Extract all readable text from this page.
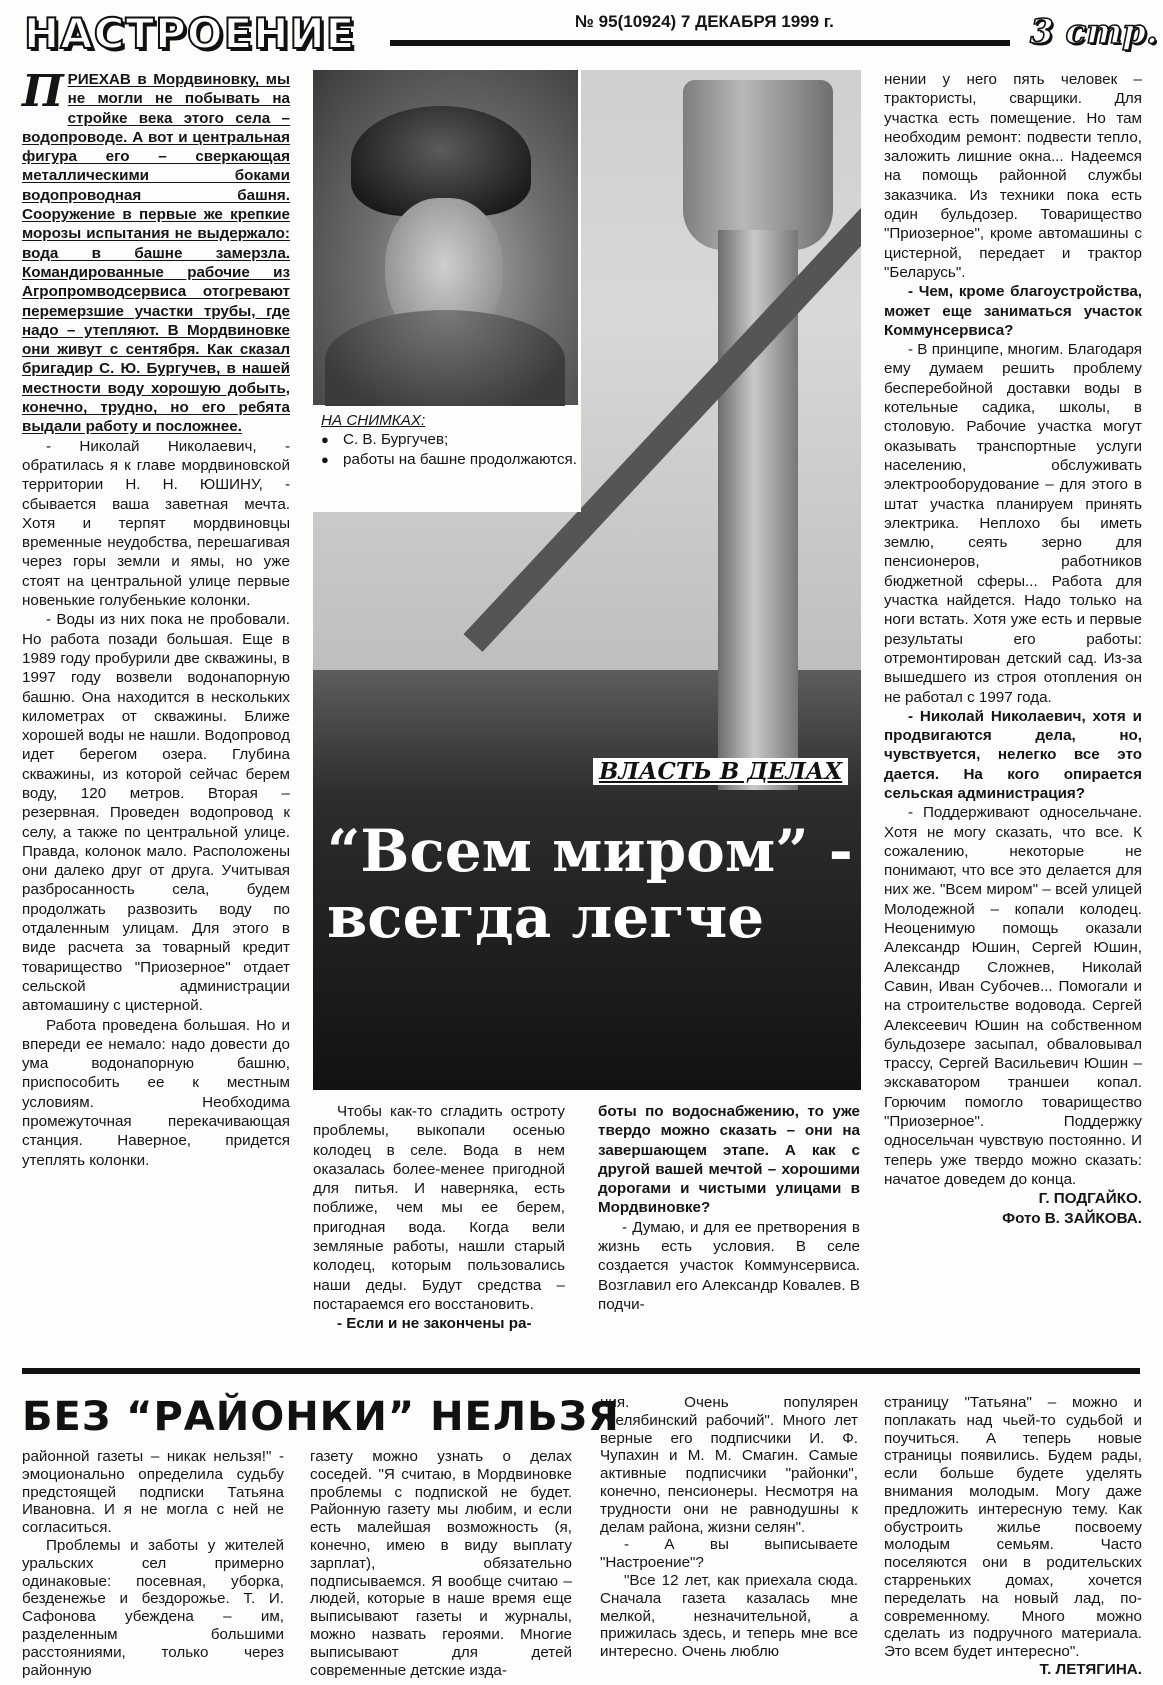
НАСТРОЕНИЕ	№ 95(10924) 7 ДЕКАБРЯ 1999 г.	3 стр.

ПРИЕХАВ в Мордвиновку, мы не могли не побывать на стройке века этого села – водопроводе. А вот и центральная фигура его – сверкающая металлическими боками водопроводная башня. Сооружение в первые же крепкие морозы испытания не выдержало: вода в башне замерзла. Командированные рабочие из Агропромводсервиса отогревают перемерзшие участки трубы, где надо – утепляют. В Мордвиновке они живут с сентября. Как сказал бригадир С. Ю. Бургучев, в нашей местности воду хорошую добыть, конечно, трудно, но его ребята выдали работу и посложнее.

- Николай Николаевич, - обратилась я к главе мордвиновской территории Н. Н. ЮШИНУ, - сбывается ваша заветная мечта. Хотя и терпят мордвиновцы временные неудобства, перешагивая через горы земли и ямы, но уже стоят на центральной улице первые новенькие голубенькие колонки.

- Воды из них пока не пробовали. Но работа позади большая. Еще в 1989 году пробурили две скважины, в 1997 году возвели водонапорную башню. Она находится в нескольких километрах от скважины. Ближе хорошей воды не нашли. Водопровод идет берегом озера. Глубина скважины, из которой сейчас берем воду, 120 метров. Вторая – резервная. Проведен водопровод к селу, а также по центральной улице. Правда, колонок мало. Расположены они далеко друг от друга. Учитывая разбросанность села, будем продолжать развозить воду по отдаленным улицам. Для этого в виде расчета за товарный кредит товарищество "Приозерное" отдает сельской администрации автомашину с цистерной.

Работа проведена большая. Но и впереди ее немало: надо довести до ума водонапорную башню, приспособить ее к местным условиям. Необходима промежуточная перекачивающая станция. Наверное, придется утеплять колонки.

НА СНИМКАХ:
● С. В. Бургучев;
● работы на башне продолжаются.
ВЛАСТЬ В ДЕЛАХ
“Всем миром” -
всегда легче

Чтобы как-то сгладить остроту проблемы, выкопали осенью колодец в селе. Вода в нем оказалась более-менее пригодной для питья. И наверняка, есть поближе, чем мы ее берем, пригодная вода. Когда вели земляные работы, нашли старый колодец, которым пользовались наши деды. Будут средства – постараемся его восстановить.

- Если и не закончены ра-

боты по водоснабжению, то уже твердо можно сказать – они на завершающем этапе. А как с другой вашей мечтой – хорошими дорогами и чистыми улицами в Мордвиновке?

- Думаю, и для ее претворения в жизнь есть условия. В селе создается участок Коммунсервиса. Возглавил его Александр Ковалев. В подчи-

нении у него пять человек – трактористы, сварщики. Для участка есть помещение. Но там необходим ремонт: подвести тепло, заложить лишние окна... Надеемся на помощь районной службы заказчика. Из техники пока есть один бульдозер. Товарищество "Приозерное", кроме автомашины с цистерной, передает и трактор "Беларусь".

- Чем, кроме благоустройства, может еще заниматься участок Коммунсервиса?

- В принципе, многим. Благодаря ему думаем решить проблему бесперебойной доставки воды в котельные садика, школы, в столовую. Рабочие участка могут оказывать транспортные услуги населению, обслуживать электрооборудование – для этого в штат участка планируем принять электрика. Неплохо бы иметь землю, сеять зерно для пенсионеров, работников бюджетной сферы... Работа для участка найдется. Надо только на ноги встать. Хотя уже есть и первые результаты его работы: отремонтирован детский сад. Из-за вышедшего из строя отопления он не работал с 1997 года.

- Николай Николаевич, хотя и продвигаются дела, но, чувствуется, нелегко все это дается. На кого опирается сельская администрация?

- Поддерживают односельчане. Хотя не могу сказать, что все. К сожалению, некоторые не понимают, что все это делается для них же. "Всем миром" – всей улицей Молодежной – копали колодец. Неоценимую помощь оказали Александр Юшин, Сергей Юшин, Александр Сложнев, Николай Савин, Иван Субочев... Помогали и на строительстве водовода. Сергей Алексеевич Юшин на собственном бульдозере засыпал, обваловывал трассу, Сергей Васильевич Юшин – экскаватором траншеи копал. Горючим помогло товарищество "Приозерное". Поддержку односельчан чувствую постоянно. И теперь уже твердо можно сказать: начатое доведем до конца.

Г. ПОДГАЙКО.

Фото В. ЗАЙКОВА.

БЕЗ “РАЙОНКИ” НЕЛЬЗЯ

районной газеты – никак нельзя!" - эмоционально определила судьбу предстоящей подписки Татьяна Ивановна. И я не могла с ней не согласиться.

Проблемы и заботы у жителей уральских сел примерно одинаковые: посевная, уборка, безденежье и бездорожье. Т. И. Сафонова убеждена – им, разделенным большими расстояниями, только через районную

газету можно узнать о делах соседей. "Я считаю, в Мордвиновке проблемы с подпиской не будет. Районную газету мы любим, и если есть малейшая возможность (я, конечно, имею в виду выплату зарплат), обязательно подписываемся. Я вообще считаю – людей, которые в наше время еще выписывают газеты и журналы, можно назвать героями. Многие выписывают для детей современные детские изда-

ния. Очень популярен "Челябинский рабочий". Много лет верные его подписчики И. Ф. Чупахин и М. М. Смагин. Самые активные подписчики "районки", конечно, пенсионеры. Несмотря на трудности они не равнодушны к делам района, жизни селян".

- А вы выписываете "Настроение"?

"Все 12 лет, как приехала сюда. Сначала газета казалась мне мелкой, незначительной, а прижилась здесь, и теперь мне все интересно. Очень люблю

страницу "Татьяна" – можно и поплакать над чьей-то судьбой и поучиться. А теперь новые страницы появились. Будем рады, если больше будете уделять внимания молодым. Могу даже предложить интересную тему. Как обустроить жилье посвоему молодым семьям. Часто поселяются они в родительских старреньких домах, хочется переделать на новый лад, по-современному. Много можно сделать из подручного материала. Это всем будет интересно".

Т. ЛЕТЯГИНА.
